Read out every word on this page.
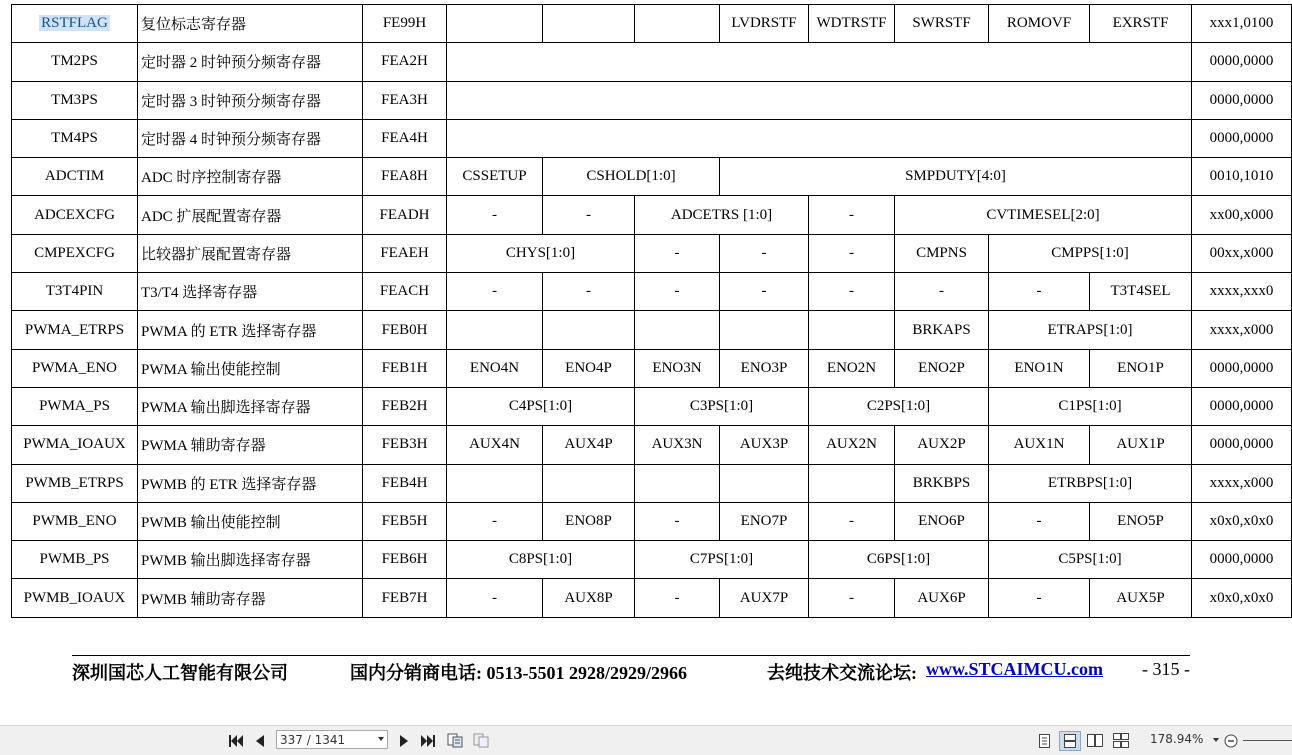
RSTFLAG	复位标志寄存器	FE99H				LVDRSTF	WDTRSTF	SWRSTF	ROMOVF	EXRSTF	xxx1,0100
TM2PS	定时器 2 时钟预分频寄存器	FEA2H									0000,0000
TM3PS	定时器 3 时钟预分频寄存器	FEA3H									0000,0000
TM4PS	定时器 4 时钟预分频寄存器	FEA4H									0000,0000
ADCTIM	ADC 时序控制寄存器	FEA8H	CSSETUP	CSHOLD[1:0]		SMPDUTY[4:0]					0010,1010
ADCEXCFG	ADC 扩展配置寄存器	FEADH	-	-	ADCETRS [1:0]		-	CVTIMESEL[2:0]			xx00,x000
CMPEXCFG	比较器扩展配置寄存器	FEAEH	CHYS[1:0]		-	-	-	CMPNS	CMPPS[1:0]		00xx,x000
T3T4PIN	T3/T4 选择寄存器	FEACH	-	-	-	-	-	-	-	T3T4SEL	xxxx,xxx0
PWMA_ETRPS	PWMA 的 ETR 选择寄存器	FEB0H						BRKAPS	ETRAPS[1:0]		xxxx,x000
PWMA_ENO	PWMA 输出使能控制	FEB1H	ENO4N	ENO4P	ENO3N	ENO3P	ENO2N	ENO2P	ENO1N	ENO1P	0000,0000
PWMA_PS	PWMA 输出脚选择寄存器	FEB2H	C4PS[1:0]		C3PS[1:0]		C2PS[1:0]		C1PS[1:0]		0000,0000
PWMA_IOAUX	PWMA 辅助寄存器	FEB3H	AUX4N	AUX4P	AUX3N	AUX3P	AUX2N	AUX2P	AUX1N	AUX1P	0000,0000
PWMB_ETRPS	PWMB 的 ETR 选择寄存器	FEB4H						BRKBPS	ETRBPS[1:0]		xxxx,x000
PWMB_ENO	PWMB 输出使能控制	FEB5H	-	ENO8P	-	ENO7P	-	ENO6P	-	ENO5P	x0x0,x0x0
PWMB_PS	PWMB 输出脚选择寄存器	FEB6H	C8PS[1:0]		C7PS[1:0]		C6PS[1:0]		C5PS[1:0]		0000,0000
PWMB_IOAUX	PWMB 辅助寄存器	FEB7H	-	AUX8P	-	AUX7P	-	AUX6P	-	AUX5P	x0x0,x0x0
深圳国芯人工智能有限公司	国内分销商电话: 0513-5501 2928/2929/2966	去纯技术交流论坛: www.STCAIMCU.com - 315 -
337 / 1341	178.94%
